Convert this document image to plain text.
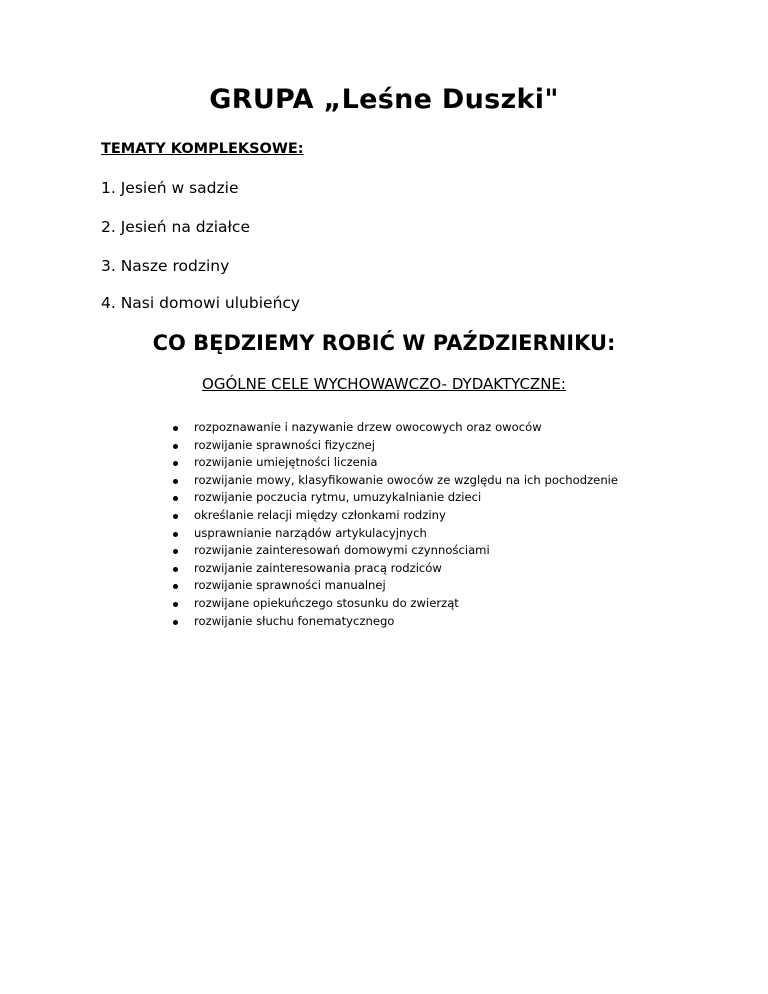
GRUPA „Leśne Duszki"
TEMATY KOMPLEKSOWE:
1. Jesień w sadzie
2. Jesień na działce
3. Nasze rodziny
4. Nasi domowi ulubieńcy
CO BĘDZIEMY ROBIĆ W PAŹDZIERNIKU:
OGÓLNE CELE WYCHOWAWCZO- DYDAKTYCZNE:
rozpoznawanie i nazywanie drzew owocowych oraz owoców
rozwijanie sprawności fizycznej
rozwijanie umiejętności liczenia
rozwijanie mowy, klasyfikowanie owoców ze względu na ich pochodzenie
rozwijanie poczucia rytmu, umuzykalnianie dzieci
określanie relacji między członkami rodziny
usprawnianie narządów artykulacyjnych
rozwijanie zainteresowań domowymi czynnościami
rozwijanie zainteresowania pracą rodziców
rozwijanie sprawności manualnej
rozwijane opiekuńczego stosunku do zwierząt
rozwijanie słuchu fonematycznego
